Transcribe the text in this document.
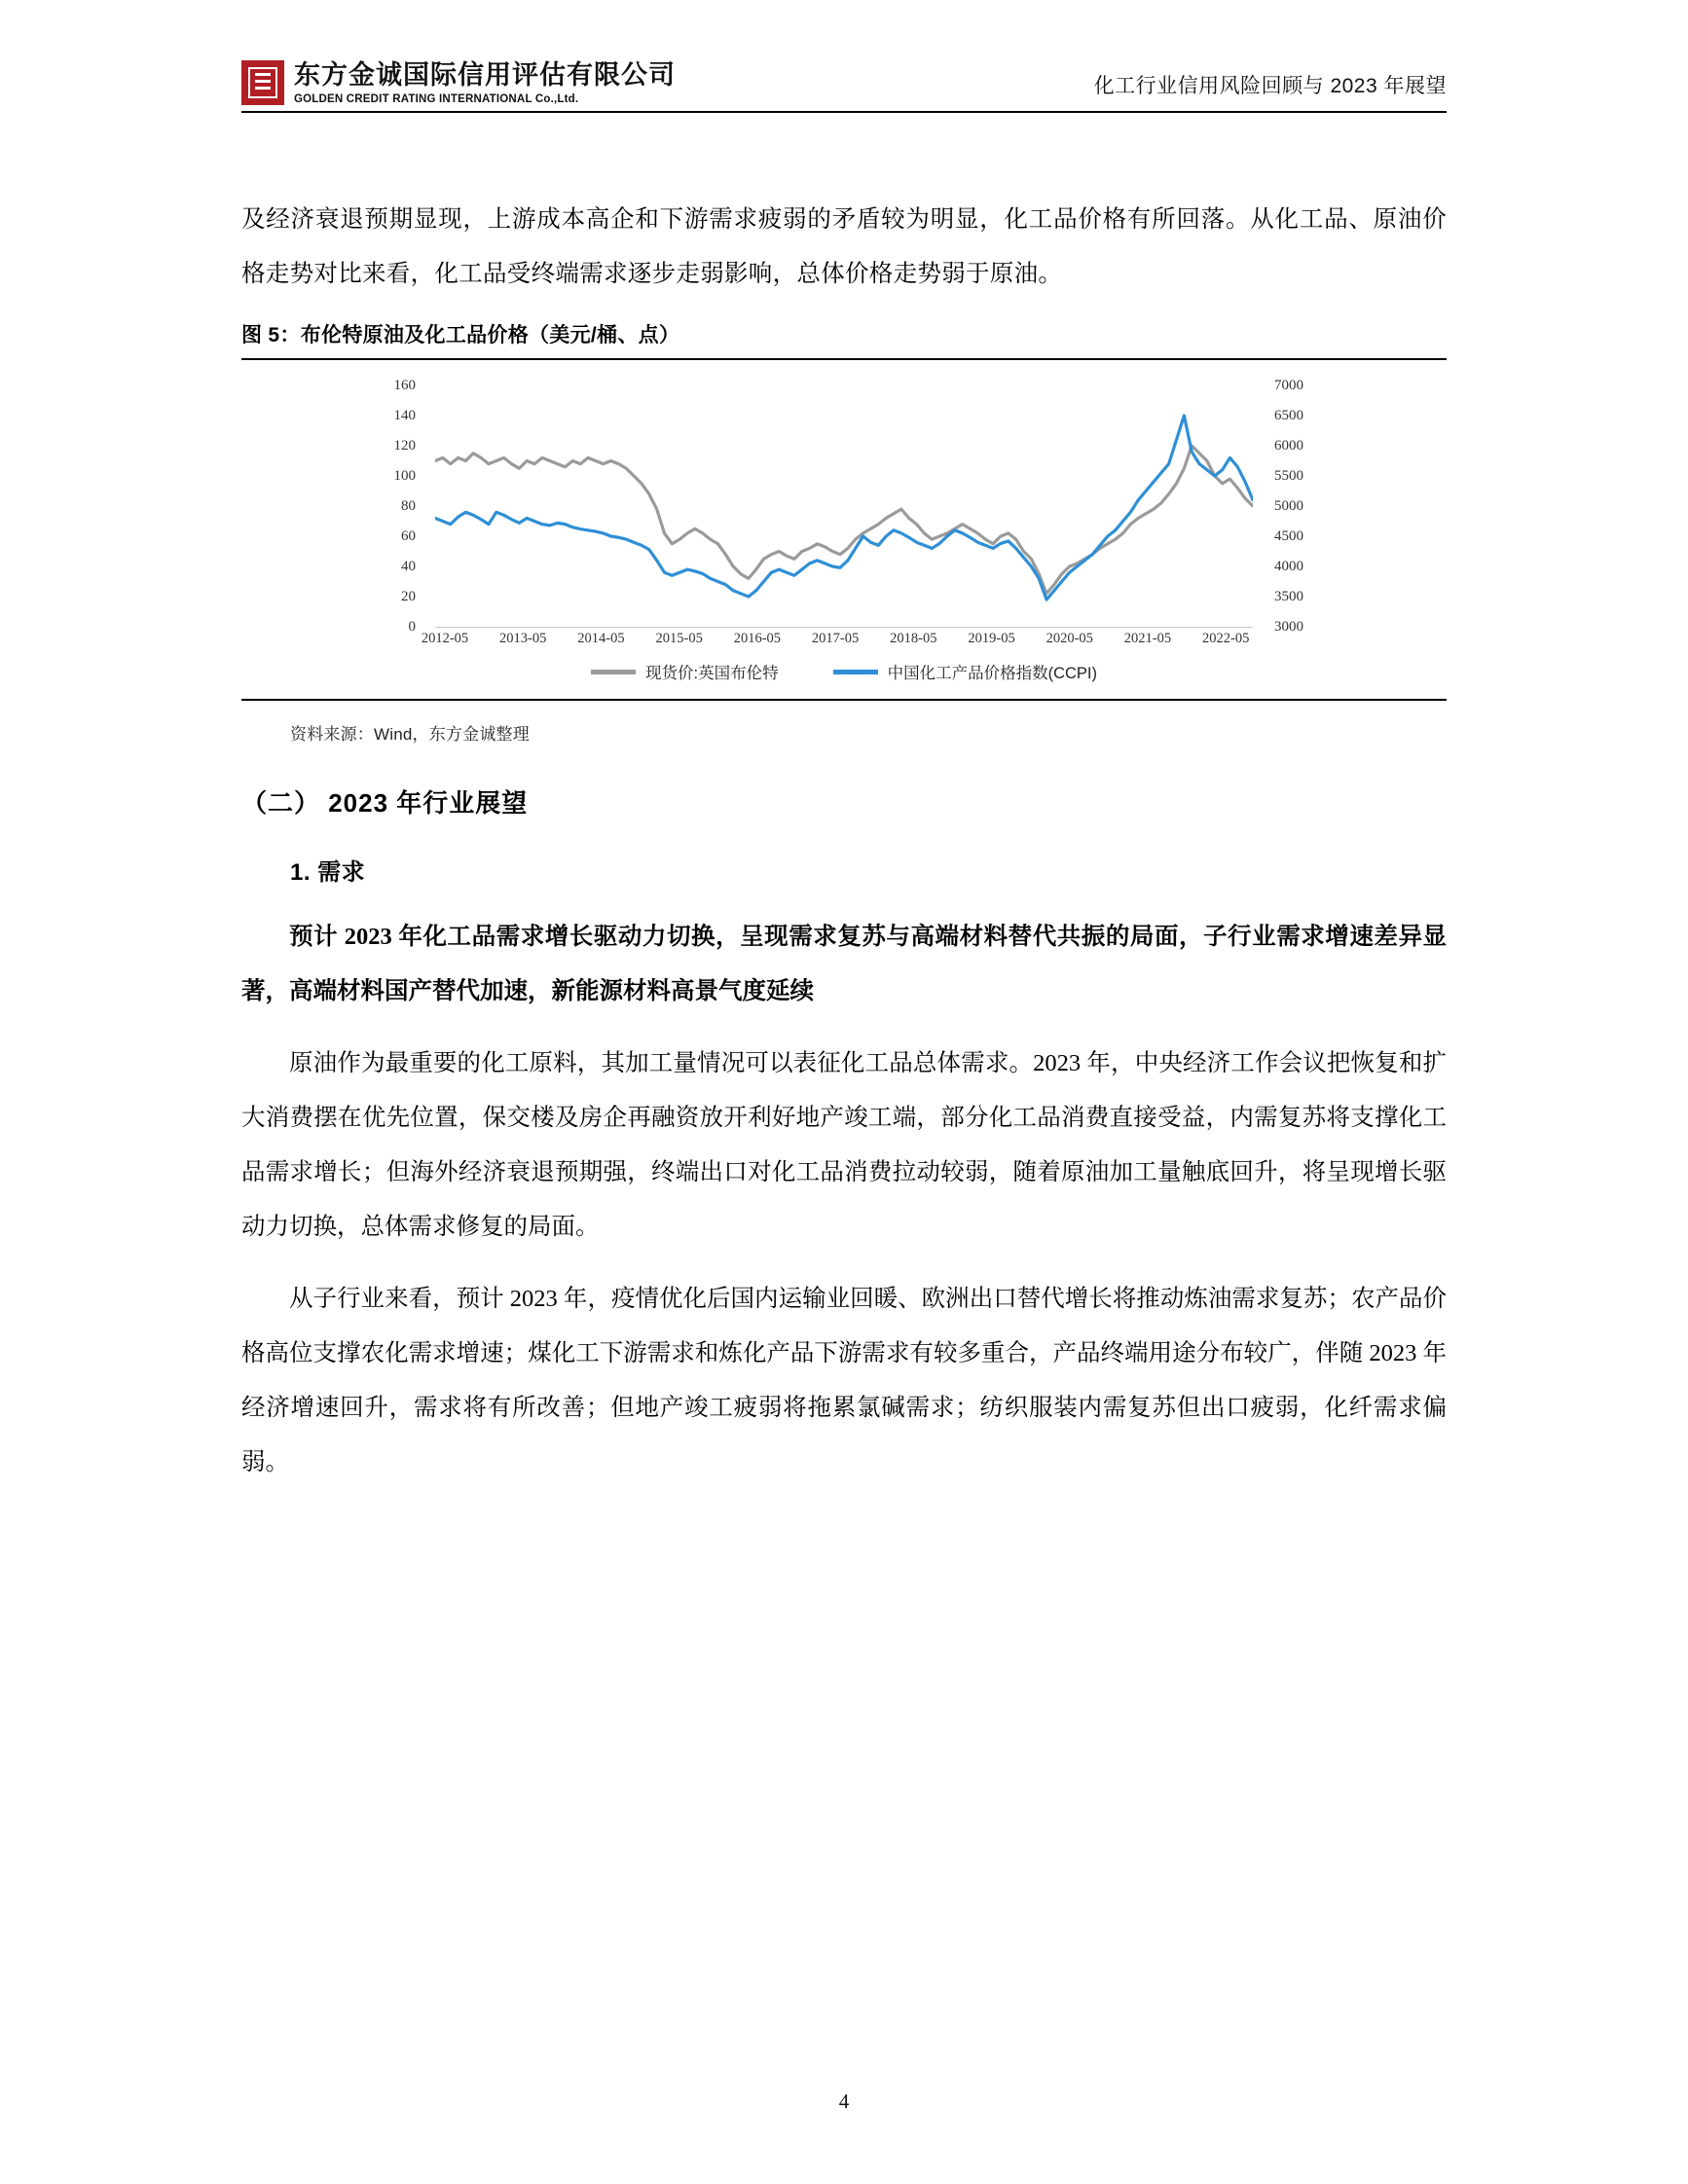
东方金诚国际信用评估有限公司
GOLDEN CREDIT RATING INTERNATIONAL Co.,Ltd.
化工行业信用风险回顾与 2023 年展望

及经济衰退预期显现，上游成本高企和下游需求疲弱的矛盾较为明显，化工品价格有所回落。从化工品、原油价格走势对比来看，化工品受终端需求逐步走弱影响，总体价格走势弱于原油。

图 5：布伦特原油及化工品价格（美元/桶、点）
0
20
40
60
80
100
120
140
160
3000
3500
4000
4500
5000
5500
6000
6500
7000
2012-05 2013-05 2014-05 2015-05 2016-05 2017-05 2018-05 2019-05 2020-05 2021-05 2022-05
现货价:英国布伦特	中国化工产品价格指数(CCPI)
资料来源：Wind，东方金诚整理
（二） 2023 年行业展望
1. 需求

预计 2023 年化工品需求增长驱动力切换，呈现需求复苏与高端材料替代共振的局面，子行业需求增速差异显著，高端材料国产替代加速，新能源材料高景气度延续

原油作为最重要的化工原料，其加工量情况可以表征化工品总体需求。2023 年，中央经济工作会议把恢复和扩大消费摆在优先位置，保交楼及房企再融资放开利好地产竣工端，部分化工品消费直接受益，内需复苏将支撑化工品需求增长；但海外经济衰退预期强，终端出口对化工品消费拉动较弱，随着原油加工量触底回升，将呈现增长驱动力切换，总体需求修复的局面。

从子行业来看，预计 2023 年，疫情优化后国内运输业回暖、欧洲出口替代增长将推动炼油需求复苏；农产品价格高位支撑农化需求增速；煤化工下游需求和炼化产品下游需求有较多重合，产品终端用途分布较广，伴随 2023 年经济增速回升，需求将有所改善；但地产竣工疲弱将拖累氯碱需求；纺织服装内需复苏但出口疲弱，化纤需求偏弱。

4
